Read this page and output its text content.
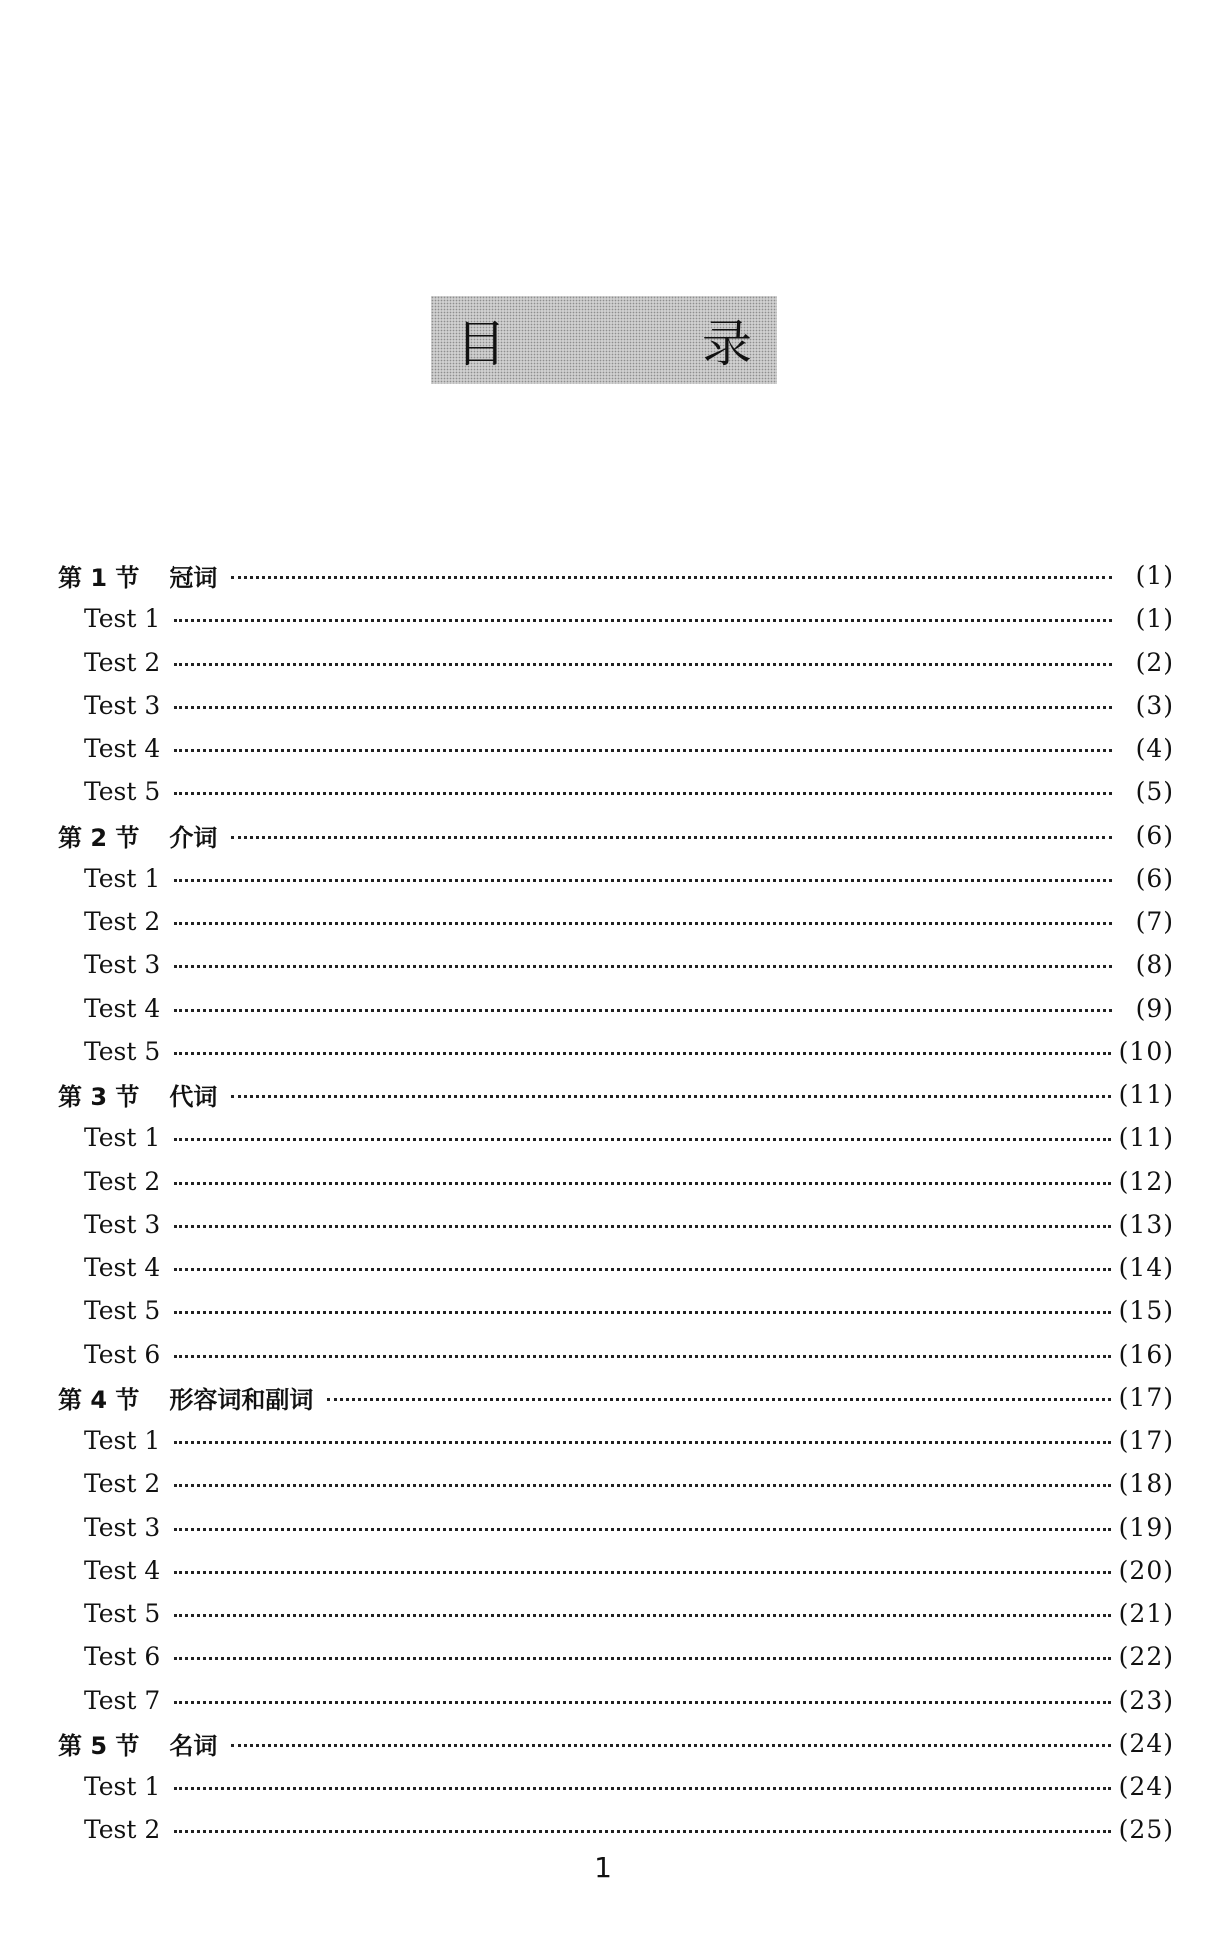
目 录
第 1 节 冠词	(1)
Test 1	(1)
Test 2	(2)
Test 3	(3)
Test 4	(4)
Test 5	(5)
第 2 节 介词	(6)
Test 1	(6)
Test 2	(7)
Test 3	(8)
Test 4	(9)
Test 5	(10)
第 3 节 代词	(11)
Test 1	(11)
Test 2	(12)
Test 3	(13)
Test 4	(14)
Test 5	(15)
Test 6	(16)
第 4 节 形容词和副词	(17)
Test 1	(17)
Test 2	(18)
Test 3	(19)
Test 4	(20)
Test 5	(21)
Test 6	(22)
Test 7	(23)
第 5 节 名词	(24)
Test 1	(24)
Test 2	(25)
1
